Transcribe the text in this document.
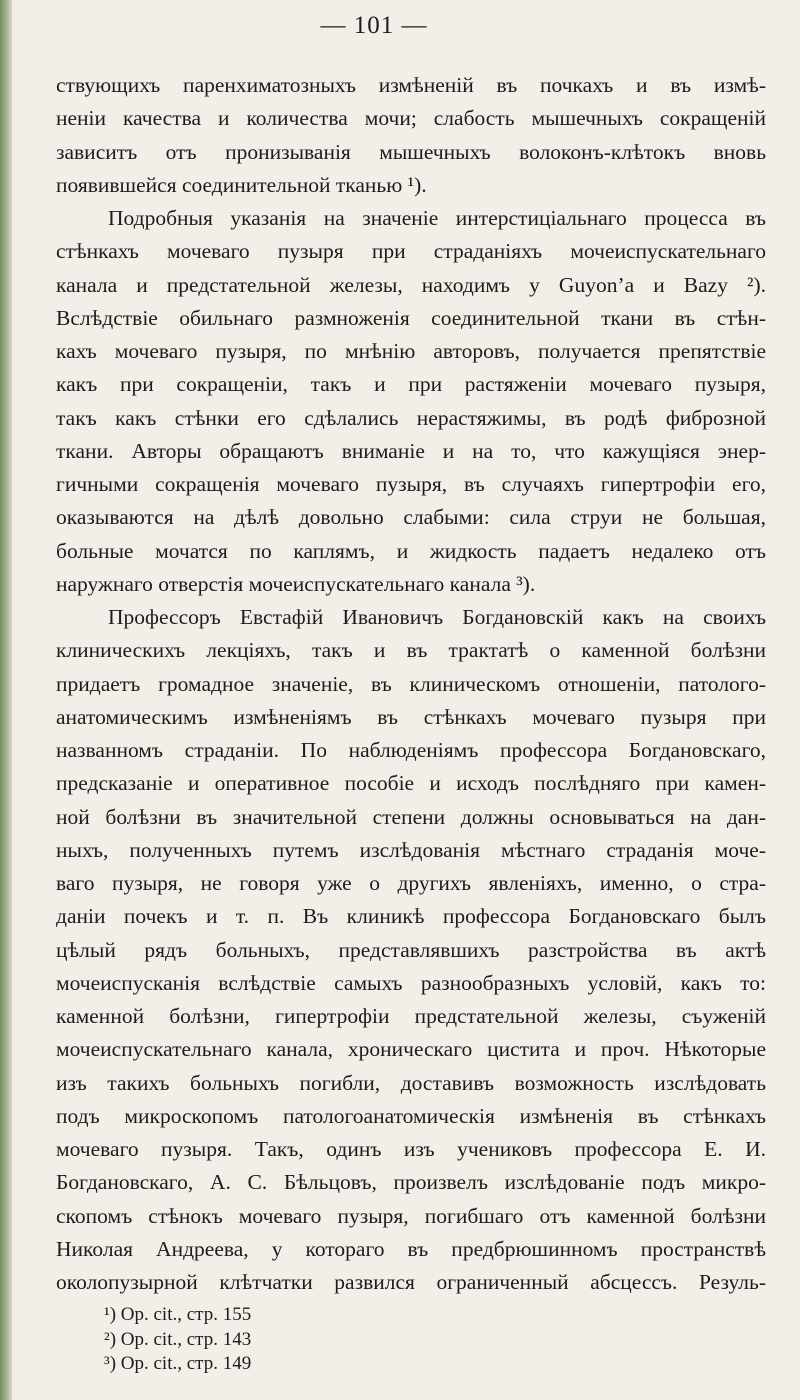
— 101 —
ствующихъ паренхиматозныхъ измѣненій въ почкахъ и въ измѣ-
неніи качества и количества мочи; слабость мышечныхъ сокращеній
зависитъ отъ пронизыванія мышечныхъ волоконъ-клѣтокъ вновь
появившейся соединительной тканью ¹).
Подробныя указанія на значеніе интерстиціальнаго процесса въ
стѣнкахъ мочеваго пузыря при страданіяхъ мочеиспускательнаго
канала и предстательной железы, находимъ у Guyon’а и Bazy ²).
Вслѣдствіе обильнаго размноженія соединительной ткани въ стѣн-
кахъ мочеваго пузыря, по мнѣнію авторовъ, получается препятствіе
какъ при сокращеніи, такъ и при растяженіи мочеваго пузыря,
такъ какъ стѣнки его сдѣлались нерастяжимы, въ родѣ фиброзной
ткани. Авторы обращаютъ вниманіе и на то, что кажущіяся энер-
гичными сокращенія мочеваго пузыря, въ случаяхъ гипертрофіи его,
оказываются на дѣлѣ довольно слабыми: сила струи не большая,
больные мочатся по каплямъ, и жидкость падаетъ недалеко отъ
наружнаго отверстія мочеиспускательнаго канала ³).
Профессоръ Евстафій Ивановичъ Богдановскій какъ на своихъ
клиническихъ лекціяхъ, такъ и въ трактатѣ о каменной болѣзни
придаетъ громадное значеніе, въ клиническомъ отношеніи, патолого-
анатомическимъ измѣненіямъ въ стѣнкахъ мочеваго пузыря при
названномъ страданіи. По наблюденіямъ профессора Богдановскаго,
предсказаніе и оперативное пособіе и исходъ послѣдняго при камен-
ной болѣзни въ значительной степени должны основываться на дан-
ныхъ, полученныхъ путемъ изслѣдованія мѣстнаго страданія моче-
ваго пузыря, не говоря уже о другихъ явленіяхъ, именно, о стра-
даніи почекъ и т. п. Въ клиникѣ профессора Богдановскаго былъ
цѣлый рядъ больныхъ, представлявшихъ разстройства въ актѣ
мочеиспусканія вслѣдствіе самыхъ разнообразныхъ условій, какъ то:
каменной болѣзни, гипертрофіи предстательной железы, съуженій
мочеиспускательнаго канала, хроническаго цистита и проч. Нѣкоторые
изъ такихъ больныхъ погибли, доставивъ возможность изслѣдовать
подъ микроскопомъ патологоанатомическія измѣненія въ стѣнкахъ
мочеваго пузыря. Такъ, одинъ изъ учениковъ профессора Е. И.
Богдановскаго, А. С. Бѣльцовъ, произвелъ изслѣдованіе подъ микро-
скопомъ стѣнокъ мочеваго пузыря, погибшаго отъ каменной болѣзни
Николая Андреева, у котораго въ предбрюшинномъ пространствѣ
околопузырной клѣтчатки развился ограниченный абсцессъ. Резуль-
¹) Op. cit., стр. 155
²) Op. cit., стр. 143
³) Op. cit., стр. 149
